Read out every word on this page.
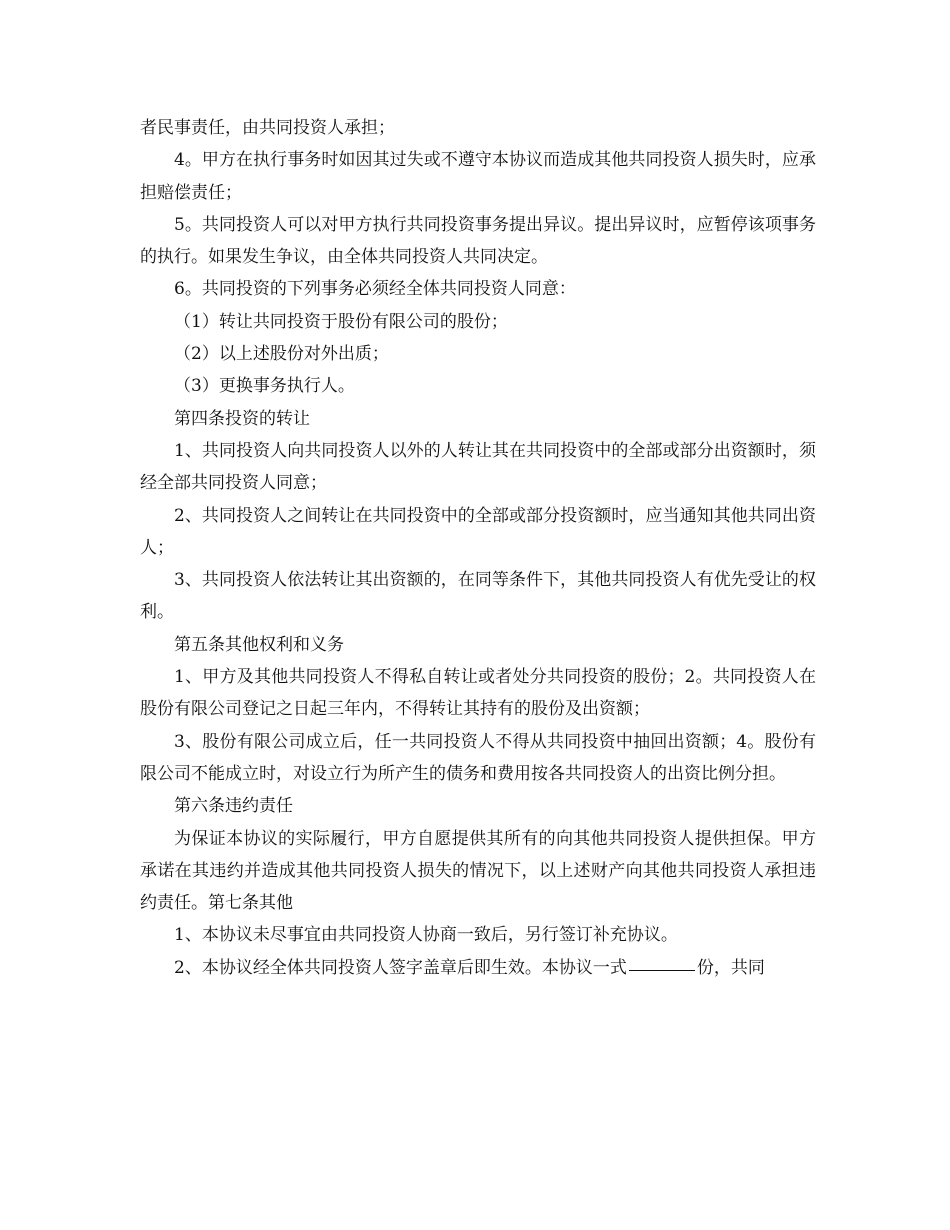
者民事责任，由共同投资人承担；

4。甲方在执行事务时如因其过失或不遵守本协议而造成其他共同投资人损失时，应承担赔偿责任；

5。共同投资人可以对甲方执行共同投资事务提出异议。提出异议时，应暂停该项事务的执行。如果发生争议，由全体共同投资人共同决定。

6。共同投资的下列事务必须经全体共同投资人同意：

（1）转让共同投资于股份有限公司的股份；

（2）以上述股份对外出质；

（3）更换事务执行人。

第四条投资的转让

1、共同投资人向共同投资人以外的人转让其在共同投资中的全部或部分出资额时，须经全部共同投资人同意；

2、共同投资人之间转让在共同投资中的全部或部分投资额时，应当通知其他共同出资人；

3、共同投资人依法转让其出资额的，在同等条件下，其他共同投资人有优先受让的权利。

第五条其他权利和义务

1、甲方及其他共同投资人不得私自转让或者处分共同投资的股份；2。共同投资人在股份有限公司登记之日起三年内，不得转让其持有的股份及出资额；

3、股份有限公司成立后，任一共同投资人不得从共同投资中抽回出资额；4。股份有限公司不能成立时，对设立行为所产生的债务和费用按各共同投资人的出资比例分担。

第六条违约责任

为保证本协议的实际履行，甲方自愿提供其所有的向其他共同投资人提供担保。甲方承诺在其违约并造成其他共同投资人损失的情况下，以上述财产向其他共同投资人承担违约责任。第七条其他

1、本协议未尽事宜由共同投资人协商一致后，另行签订补充协议。

2、本协议经全体共同投资人签字盖章后即生效。本协议一式	份，共同
